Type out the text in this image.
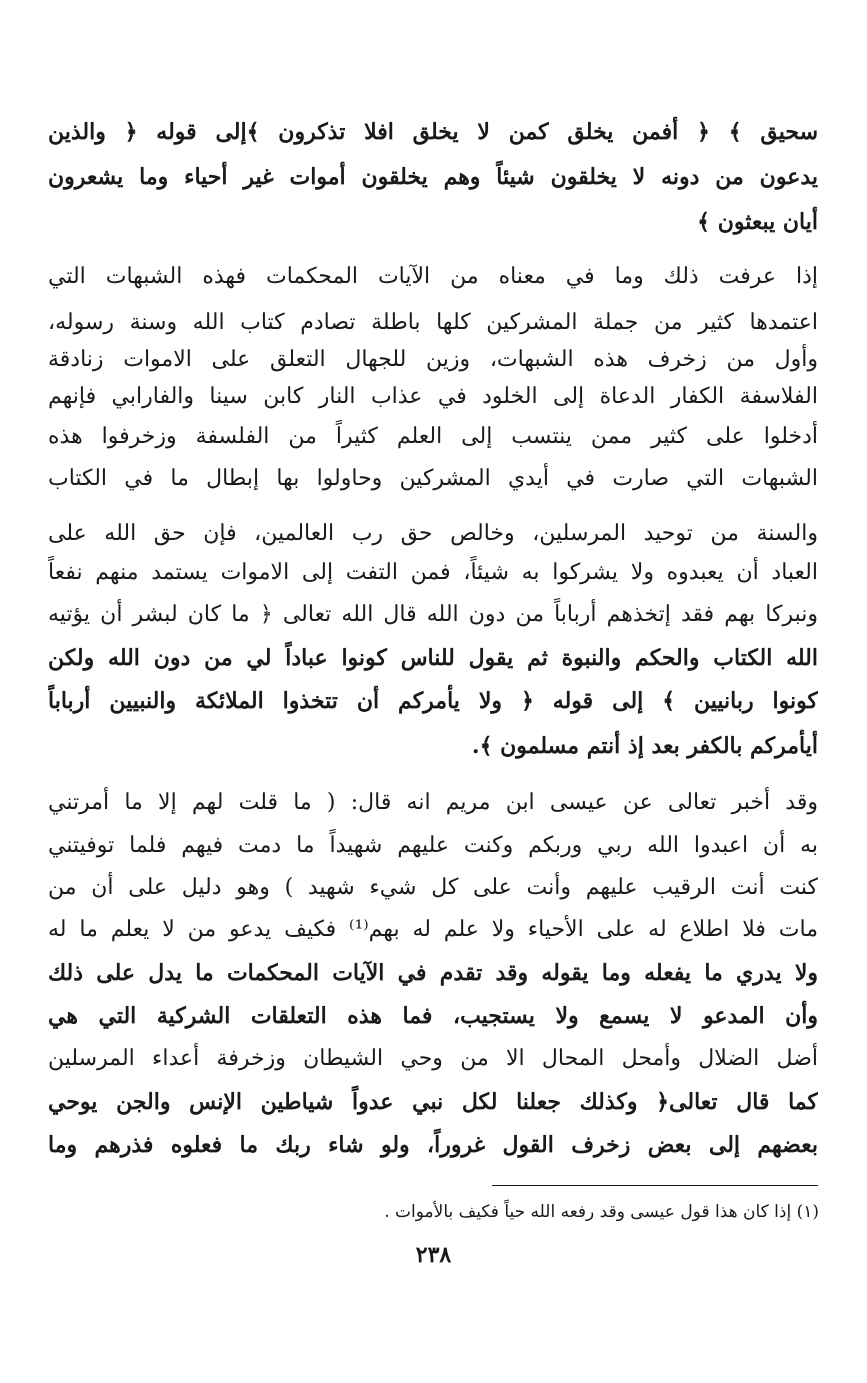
سحيق ﴾ ﴿ أفمن يخلق كمن لا يخلق افلا تذكرون ﴾إلى قوله ﴿ والذين
يدعون من دونه لا يخلقون شيئاً وهم يخلقون أموات غير أحياء وما يشعرون
أيان يبعثون ﴾
إذا عرفت ذلك وما في معناه من الآيات المحكمات فهذه الشبهات التي
اعتمدها كثير من جملة المشركين كلها باطلة تصادم كتاب الله وسنة رسوله،
وأول من زخرف هذه الشبهات، وزين للجهال التعلق على الاموات زنادقة
الفلاسفة الكفار الدعاة إلى الخلود في عذاب النار كابن سينا والفارابي فإنهم
أدخلوا على كثير ممن ينتسب إلى العلم كثيراً من الفلسفة وزخرفوا هذه
الشبهات التي صارت في أيدي المشركين وحاولوا بها إبطال ما في الكتاب
والسنة من توحيد المرسلين، وخالص حق رب العالمين، فإن حق الله على
العباد أن يعبدوه ولا يشركوا به شيئاً، فمن التفت إلى الاموات يستمد منهم نفعاً
ونبركا بهم فقد إتخذهم أرباباً من دون الله قال الله تعالى ﴿ ما كان لبشر أن يؤتيه
الله الكتاب والحكم والنبوة ثم يقول للناس كونوا عباداً لي من دون الله ولكن
كونوا ربانيين ﴾ إلى قوله ﴿ ولا يأمركم أن تتخذوا الملائكة والنبيين أرباباً
أيأمركم بالكفر بعد إذ أنتم مسلمون ﴾.
وقد أخبر تعالى عن عيسى ابن مريم انه قال: ( ما قلت لهم إلا ما أمرتني
به أن اعبدوا الله ربي وربكم وكنت عليهم شهيداً ما دمت فيهم فلما توفيتني
كنت أنت الرقيب عليهم وأنت على كل شيء شهيد ) وهو دليل على أن من
مات فلا اطلاع له على الأحياء ولا علم له بهم⁽¹⁾ فكيف يدعو من لا يعلم ما له
ولا يدري ما يفعله وما يقوله وقد تقدم في الآيات المحكمات ما يدل على ذلك
وأن المدعو لا يسمع ولا يستجيب، فما هذه التعلقات الشركية التي هي
أضل الضلال وأمحل المحال الا من وحي الشيطان وزخرفة أعداء المرسلين
كما قال تعالى﴿ وكذلك جعلنا لكل نبي عدواً شياطين الإنس والجن يوحي
بعضهم إلى بعض زخرف القول غروراً، ولو شاء ربك ما فعلوه فذرهم وما
(١) إذا كان هذا قول عيسى وقد رفعه الله حياً فكيف بالأموات .
٢٣٨
